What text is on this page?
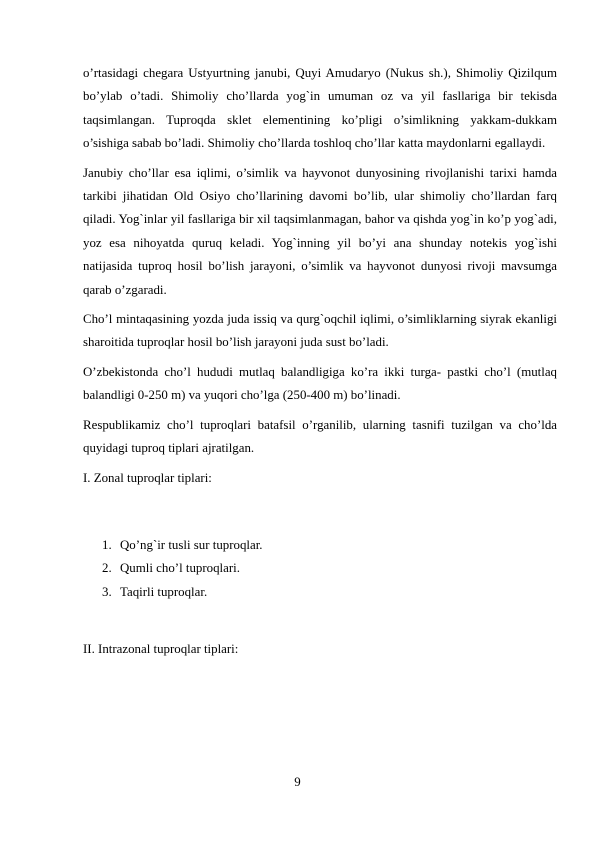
o’rtasidagi chegara Ustyurtning janubi, Quyi Amudaryo (Nukus sh.), Shimoliy Qizilqum bo’ylab o’tadi. Shimoliy cho’llarda yog`in umuman oz va yil fasllariga bir tekisda taqsimlangan. Tuproqda sklet elementining ko’pligi o’simlikning yakkam-dukkam o’sishiga sabab bo’ladi. Shimoliy cho’llarda toshloq cho’llar katta maydonlarni egallaydi.

Janubiy cho’llar esa iqlimi, o’simlik va hayvonot dunyosining rivojlanishi tarixi hamda tarkibi jihatidan Old Osiyo cho’llarining davomi bo’lib, ular shimoliy cho’llardan farq qiladi. Yog`inlar yil fasllariga bir xil taqsimlanmagan, bahor va qishda yog`in ko’p yog`adi, yoz esa nihoyatda quruq keladi. Yog`inning yil bo’yi ana shunday notekis yog`ishi natijasida tuproq hosil bo’lish jarayoni, o’simlik va hayvonot dunyosi rivoji mavsumga qarab o’zgaradi.

Cho’l mintaqasining yozda juda issiq va qurg`oqchil iqlimi, o’simliklarning siyrak ekanligi sharoitida tuproqlar hosil bo’lish jarayoni juda sust bo’ladi.

O’zbekistonda cho’l hududi mutlaq balandligiga ko’ra ikki turga- pastki cho’l (mutlaq balandligi 0-250 m) va yuqori cho’lga (250-400 m) bo’linadi.

Respublikamiz cho’l tuproqlari batafsil o’rganilib, ularning tasnifi tuzilgan va cho’lda quyidagi tuproq tiplari ajratilgan.

I. Zonal tuproqlar tiplari:

1. Qo’ng`ir tusli sur tuproqlar.
2. Qumli cho’l tuproqlari.
3. Taqirli tuproqlar.

II. Intrazonal tuproqlar tiplari:

9
